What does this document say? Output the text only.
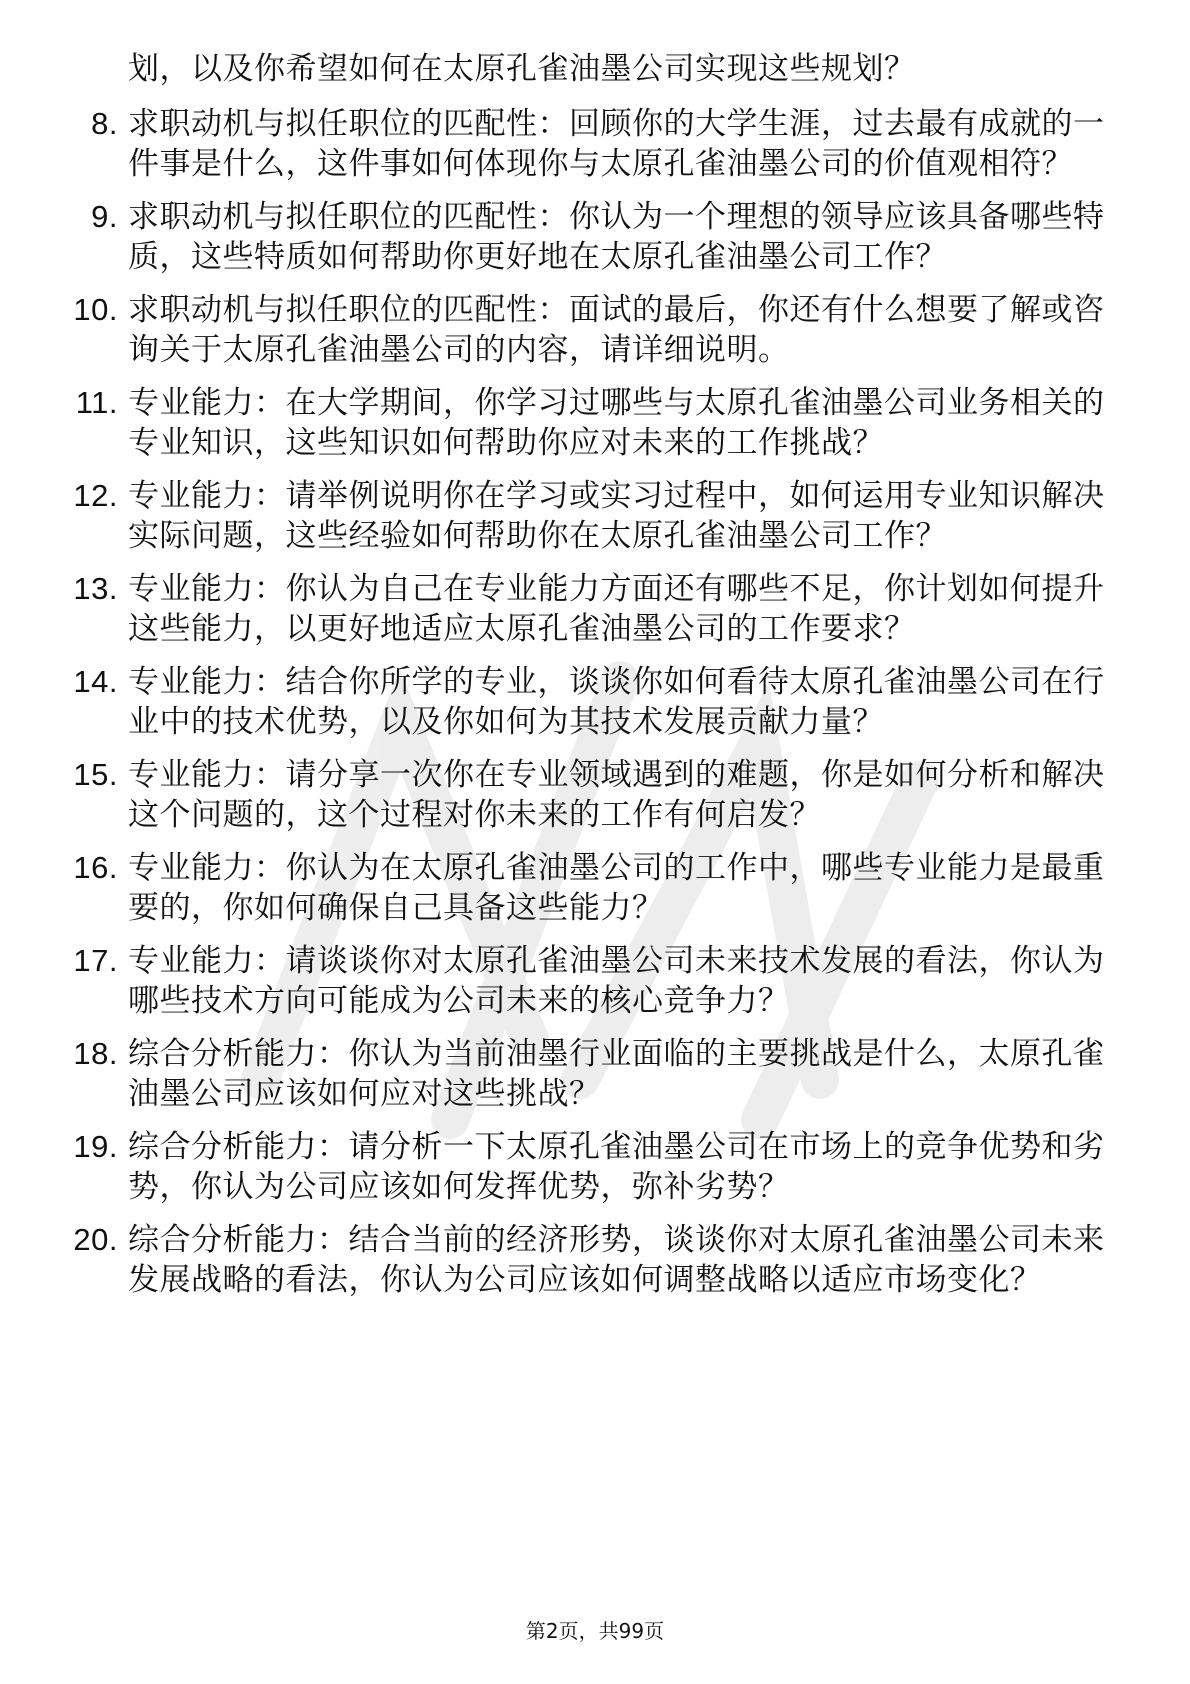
划，以及你希望如何在太原孔雀油墨公司实现这些规划？
8. 求职动机与拟任职位的匹配性：回顾你的大学生涯，过去最有成就的一件事是什么，这件事如何体现你与太原孔雀油墨公司的价值观相符？
9. 求职动机与拟任职位的匹配性：你认为一个理想的领导应该具备哪些特质，这些特质如何帮助你更好地在太原孔雀油墨公司工作？
10. 求职动机与拟任职位的匹配性：面试的最后，你还有什么想要了解或咨询关于太原孔雀油墨公司的内容，请详细说明。
11. 专业能力：在大学期间，你学习过哪些与太原孔雀油墨公司业务相关的专业知识，这些知识如何帮助你应对未来的工作挑战？
12. 专业能力：请举例说明你在学习或实习过程中，如何运用专业知识解决实际问题，这些经验如何帮助你在太原孔雀油墨公司工作？
13. 专业能力：你认为自己在专业能力方面还有哪些不足，你计划如何提升这些能力，以更好地适应太原孔雀油墨公司的工作要求？
14. 专业能力：结合你所学的专业，谈谈你如何看待太原孔雀油墨公司在行业中的技术优势，以及你如何为其技术发展贡献力量？
15. 专业能力：请分享一次你在专业领域遇到的难题，你是如何分析和解决这个问题的，这个过程对你未来的工作有何启发？
16. 专业能力：你认为在太原孔雀油墨公司的工作中，哪些专业能力是最重要的，你如何确保自己具备这些能力？
17. 专业能力：请谈谈你对太原孔雀油墨公司未来技术发展的看法，你认为哪些技术方向可能成为公司未来的核心竞争力？
18. 综合分析能力：你认为当前油墨行业面临的主要挑战是什么，太原孔雀油墨公司应该如何应对这些挑战？
19. 综合分析能力：请分析一下太原孔雀油墨公司在市场上的竞争优势和劣势，你认为公司应该如何发挥优势，弥补劣势？
20. 综合分析能力：结合当前的经济形势，谈谈你对太原孔雀油墨公司未来发展战略的看法，你认为公司应该如何调整战略以适应市场变化？
第2页，共99页
